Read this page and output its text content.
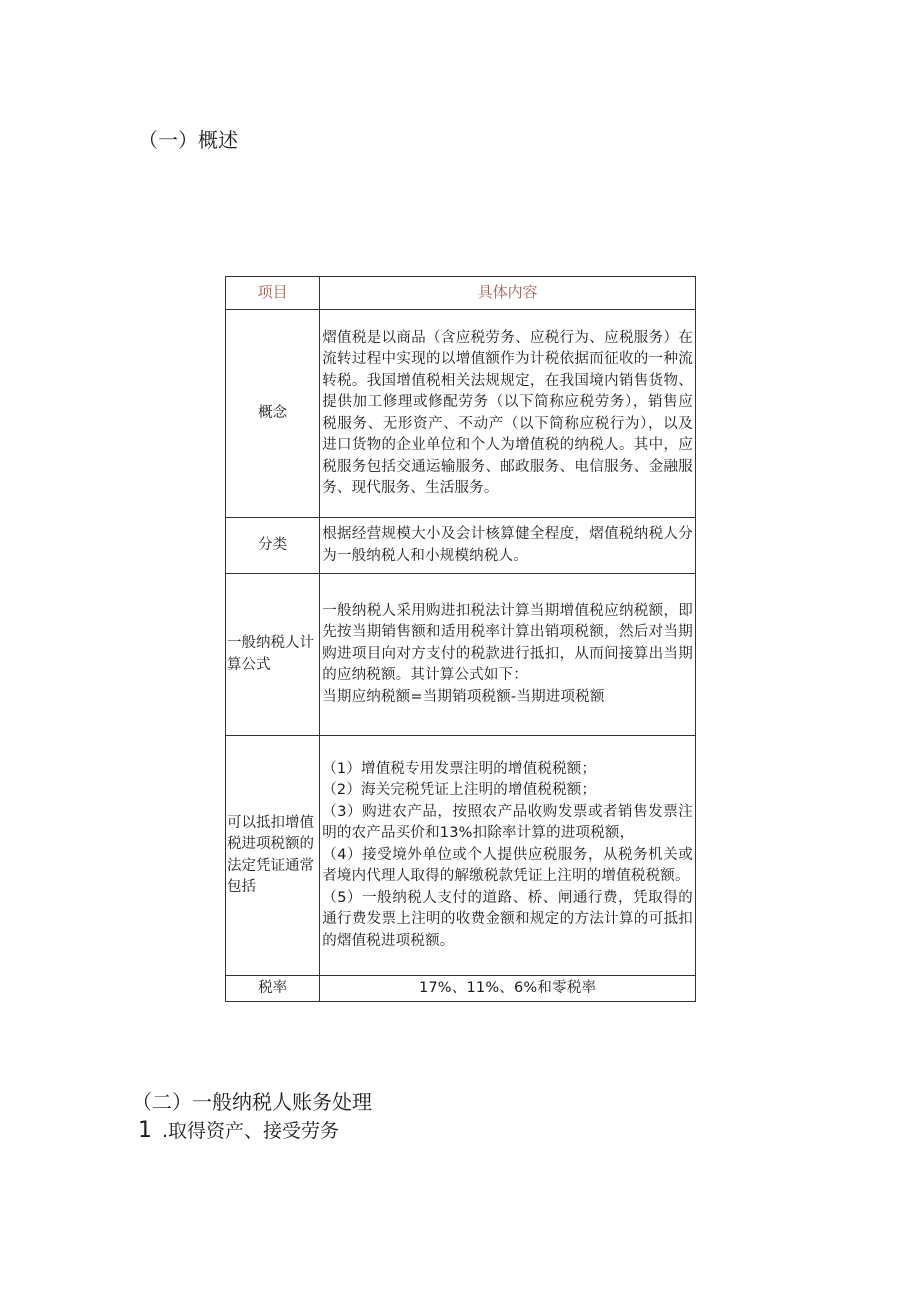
（一）概述
项目	具体内容
概念	熠值税是以商品（含应税劳务、应税行为、应税服务）在流转过程中实现的以增值额作为计税依据而征收的一种流转税。我国增值税相关法规规定，在我国境内销售货物、提供加工修理或修配劳务（以下简称应税劳务），销售应税服务、无形资产、不动产（以下简称应税行为），以及进口货物的企业单位和个人为增值税的纳税人。其中，应税服务包括交通运输服务、邮政服务、电信服务、金融服务、现代服务、生活服务。
分类	根据经营规模大小及会计核算健全程度，熠值税纳税人分为一般纳税人和小规模纳税人。
一般纳税人计算公式	一般纳税人采用购进扣税法计算当期增值税应纳税额，即先按当期销售额和适用税率计算出销项税额，然后对当期购进项目向对方支付的税款进行抵扣，从而间接算出当期的应纳税额。其计算公式如下：
当期应纳税额=当期销项税额-当期进项税额

可以抵扣增值税进项税额的法定凭证通常包括	（1）增值税专用发票注明的增值税税额；
（2）海关完税凭证上注明的增值税税额；
（3）购进农产品，按照农产品收购发票或者销售发票注明的农产品买价和13%扣除率计算的进项税额，
（4）接受境外单位或个人提供应税服务，从税务机关或者境内代理人取得的解缴税款凭证上注明的增值税税额。
（5）一般纳税人支付的道路、桥、闸通行费，凭取得的通行费发票上注明的收费金额和规定的方法计算的可抵扣的熠值税进项税额。

税率	17%、11%、6%和零税率
（二）一般纳税人账务处理
1 .取得资产、接受劳务
